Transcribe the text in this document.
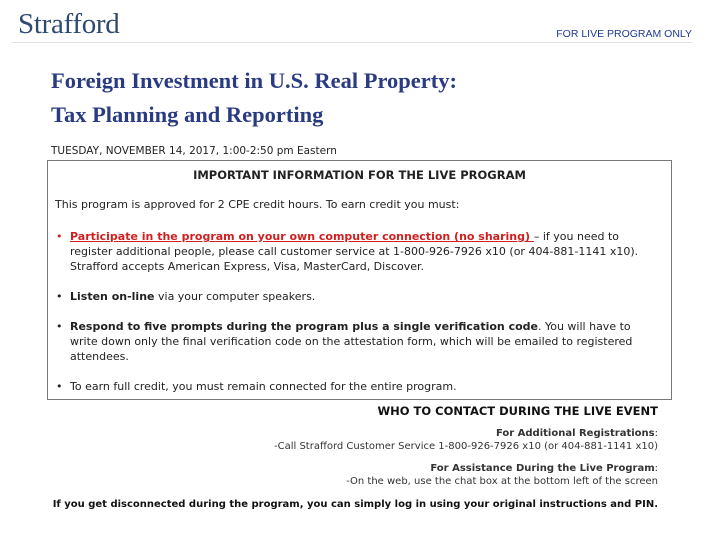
Strafford	FOR LIVE PROGRAM ONLY
Foreign Investment in U.S. Real Property:
Tax Planning and Reporting
TUESDAY, NOVEMBER 14, 2017, 1:00-2:50 pm Eastern
IMPORTANT INFORMATION FOR THE LIVE PROGRAM
This program is approved for 2 CPE credit hours. To earn credit you must:
• Participate in the program on your own computer connection (no sharing) – if you need to register additional people, please call customer service at 1-800-926-7926 x10 (or 404-881-1141 x10). Strafford accepts American Express, Visa, MasterCard, Discover.
• Listen on-line via your computer speakers.
• Respond to five prompts during the program plus a single verification code. You will have to write down only the final verification code on the attestation form, which will be emailed to registered attendees.
• To earn full credit, you must remain connected for the entire program.
WHO TO CONTACT DURING THE LIVE EVENT
For Additional Registrations:
-Call Strafford Customer Service 1-800-926-7926 x10 (or 404-881-1141 x10)
For Assistance During the Live Program:
-On the web, use the chat box at the bottom left of the screen
If you get disconnected during the program, you can simply log in using your original instructions and PIN.
